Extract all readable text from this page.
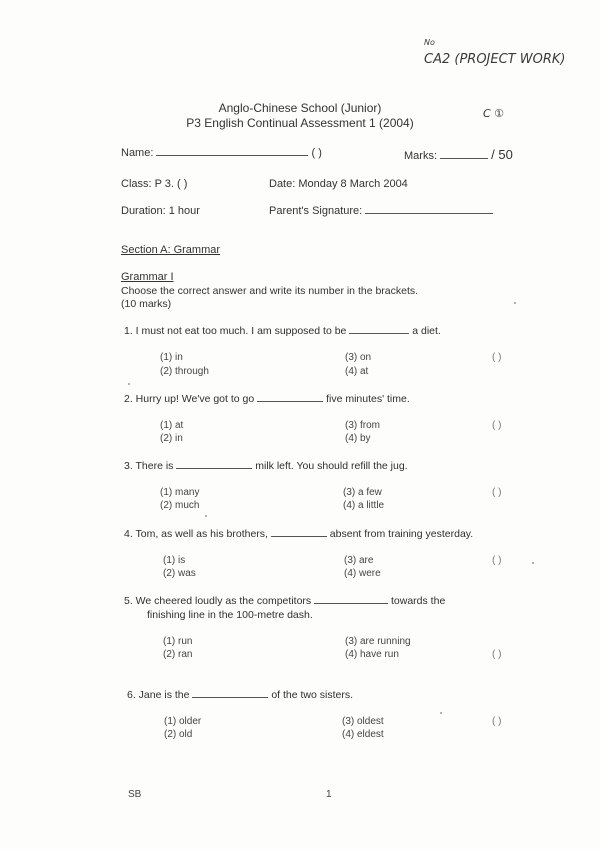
No
CA2 (PROJECT WORK)
C ①
Anglo-Chinese School (Junior)
P3 English Continual Assessment 1 (2004)
Name:	( )	Marks:	/ 50
Class: P 3. ( )	Date: Monday 8 March 2004
Duration: 1 hour	Parent's Signature:
Section A: Grammar
Grammar I
Choose the correct answer and write its number in the brackets.
(10 marks)
1. I must not eat too much. I am supposed to be	a diet.
(1) in
(2) through
(3) on
(4) at
( )
2. Hurry up! We've got to go	five minutes' time.
(1) at
(2) in
(3) from
(4) by
( )
3. There is	milk left. You should refill the jug.
(1) many
(2) much
(3) a few
(4) a little
( )
4. Tom, as well as his brothers,	absent from training yesterday.
(1) is
(2) was
(3) are
(4) were
( )
5. We cheered loudly as the competitors	towards the
finishing line in the 100-metre dash.
(1) run
(2) ran
(3) are running
(4) have run	( )
6. Jane is the	of the two sisters.
(1) older
(2) old
(3) oldest
(4) eldest
( )
SB	1
